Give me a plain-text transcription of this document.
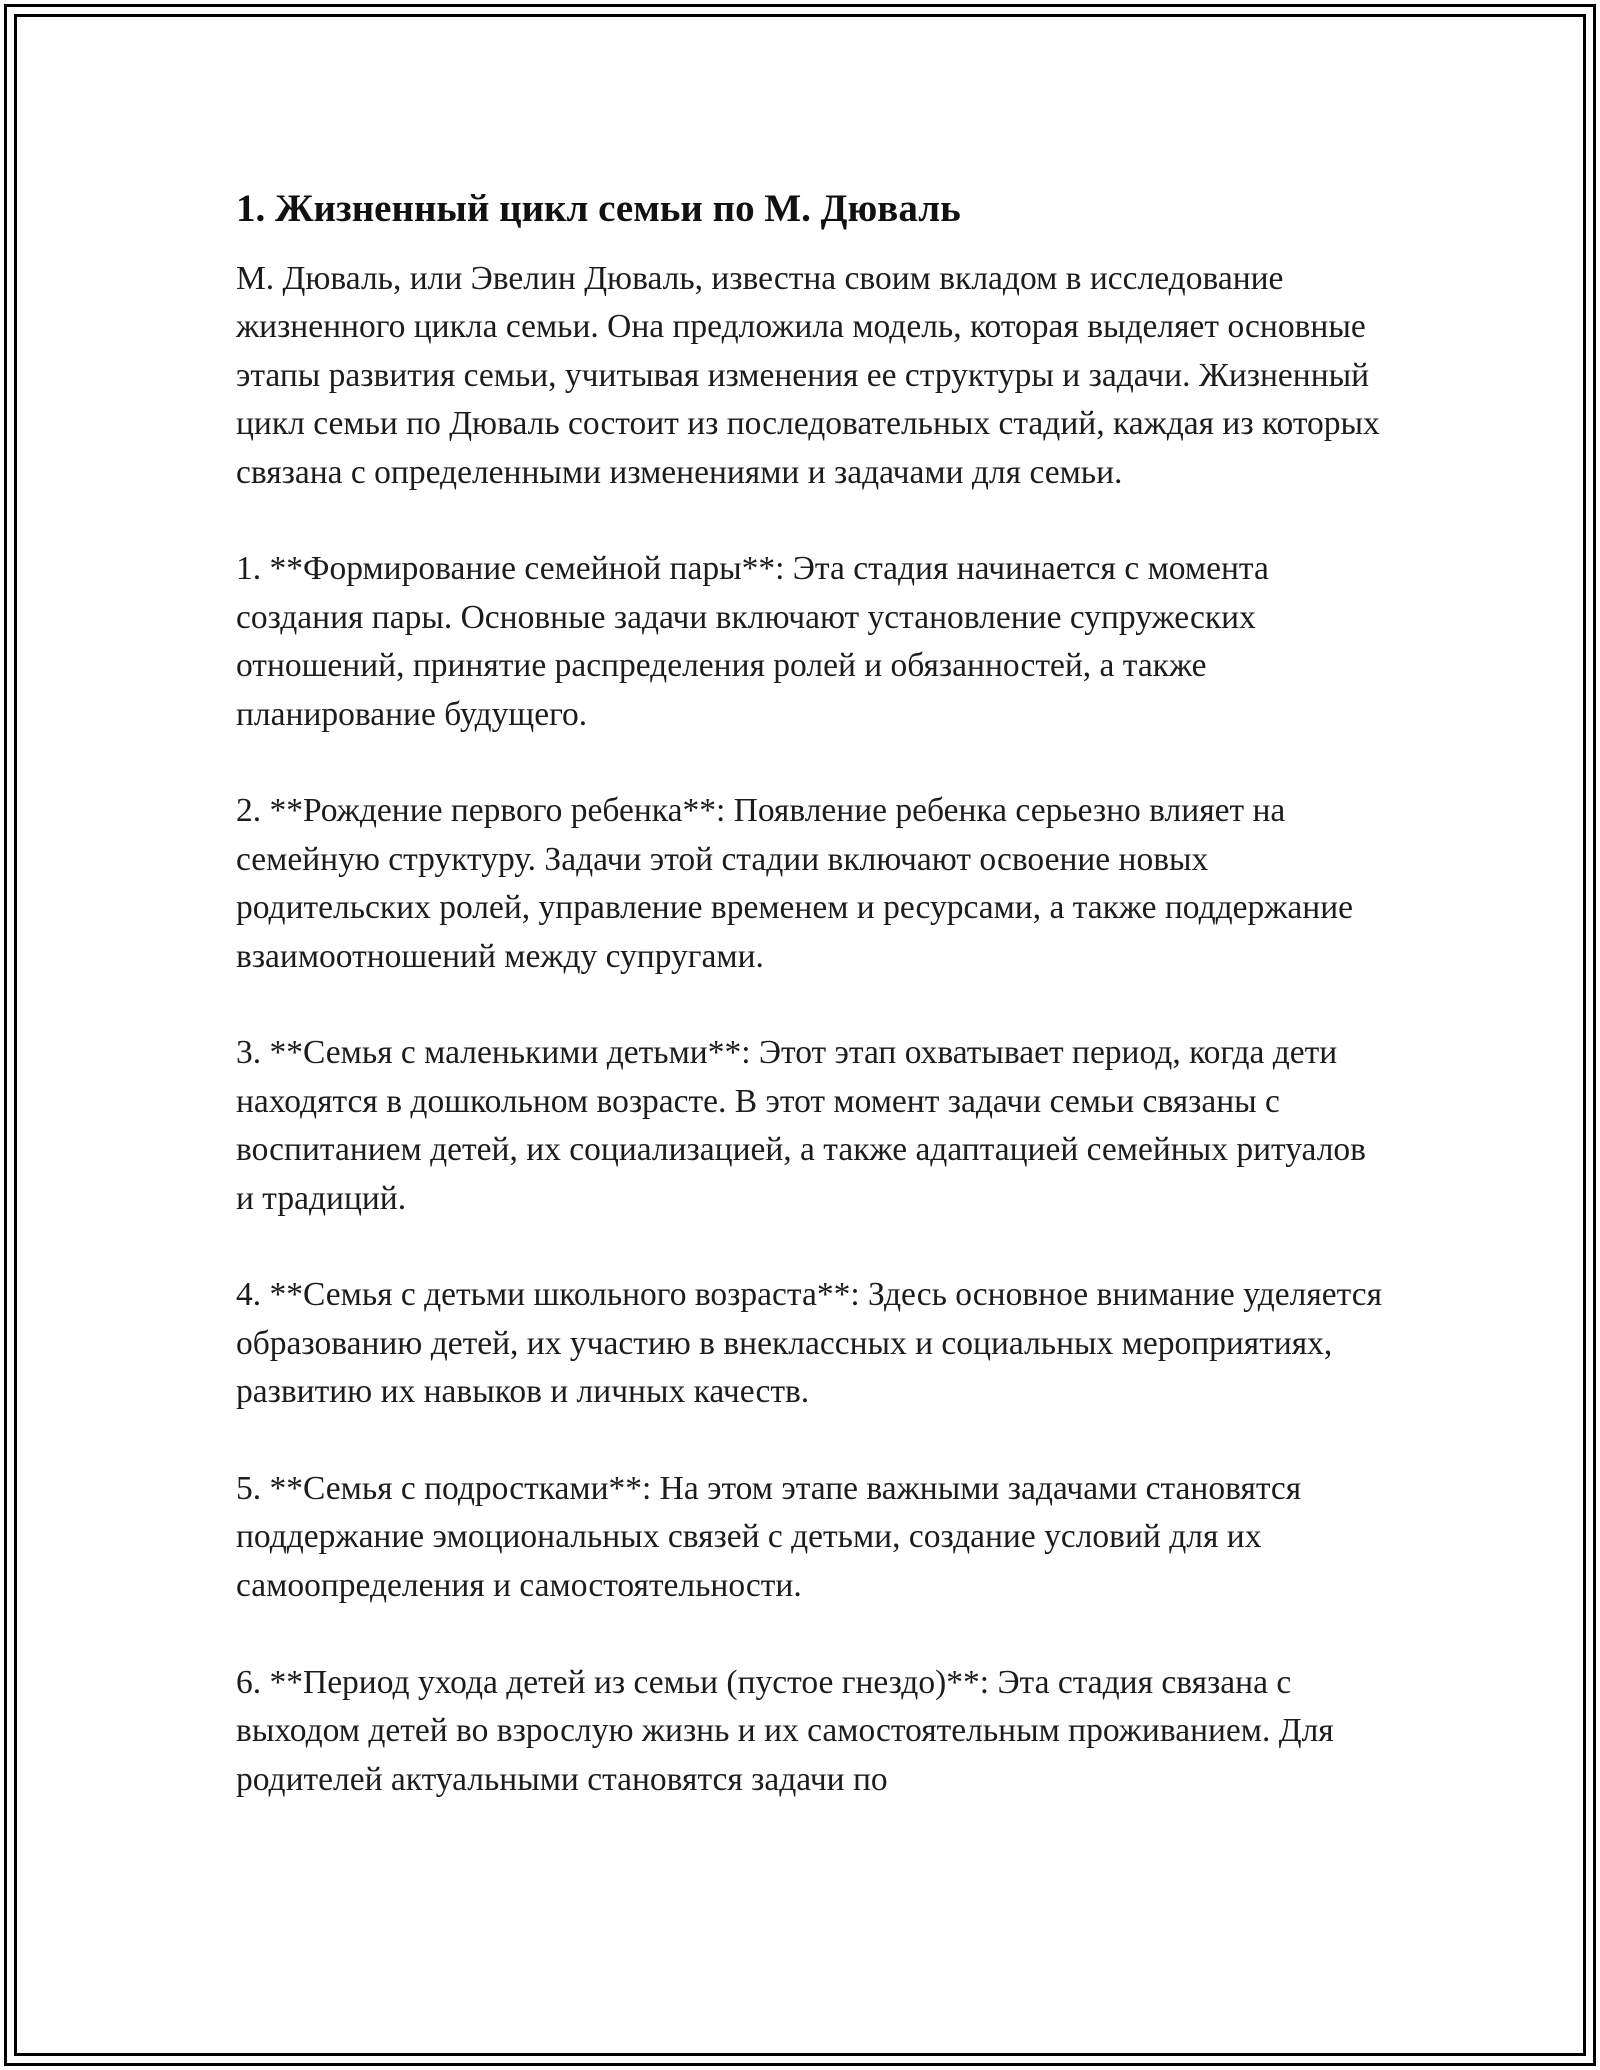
1. Жизненный цикл семьи по М. Дюваль

М. Дюваль, или Эвелин Дюваль, известна своим вкладом в исследование жизненного цикла семьи. Она предложила модель, которая выделяет основные этапы развития семьи, учитывая изменения ее структуры и задачи. Жизненный цикл семьи по Дюваль состоит из последовательных стадий, каждая из которых связана с определенными изменениями и задачами для семьи.

1. **Формирование семейной пары**: Эта стадия начинается с момента создания пары. Основные задачи включают установление супружеских отношений, принятие распределения ролей и обязанностей, а также планирование будущего.

2. **Рождение первого ребенка**: Появление ребенка серьезно влияет на семейную структуру. Задачи этой стадии включают освоение новых родительских ролей, управление временем и ресурсами, а также поддержание взаимоотношений между супругами.

3. **Семья с маленькими детьми**: Этот этап охватывает период, когда дети находятся в дошкольном возрасте. В этот момент задачи семьи связаны с воспитанием детей, их социализацией, а также адаптацией семейных ритуалов и традиций.

4. **Семья с детьми школьного возраста**: Здесь основное внимание уделяется образованию детей, их участию в внеклассных и социальных мероприятиях, развитию их навыков и личных качеств.

5. **Семья с подростками**: На этом этапе важными задачами становятся поддержание эмоциональных связей с детьми, создание условий для их самоопределения и самостоятельности.

6. **Период ухода детей из семьи (пустое гнездо)**: Эта стадия связана с выходом детей во взрослую жизнь и их самостоятельным проживанием. Для родителей актуальными становятся задачи по
